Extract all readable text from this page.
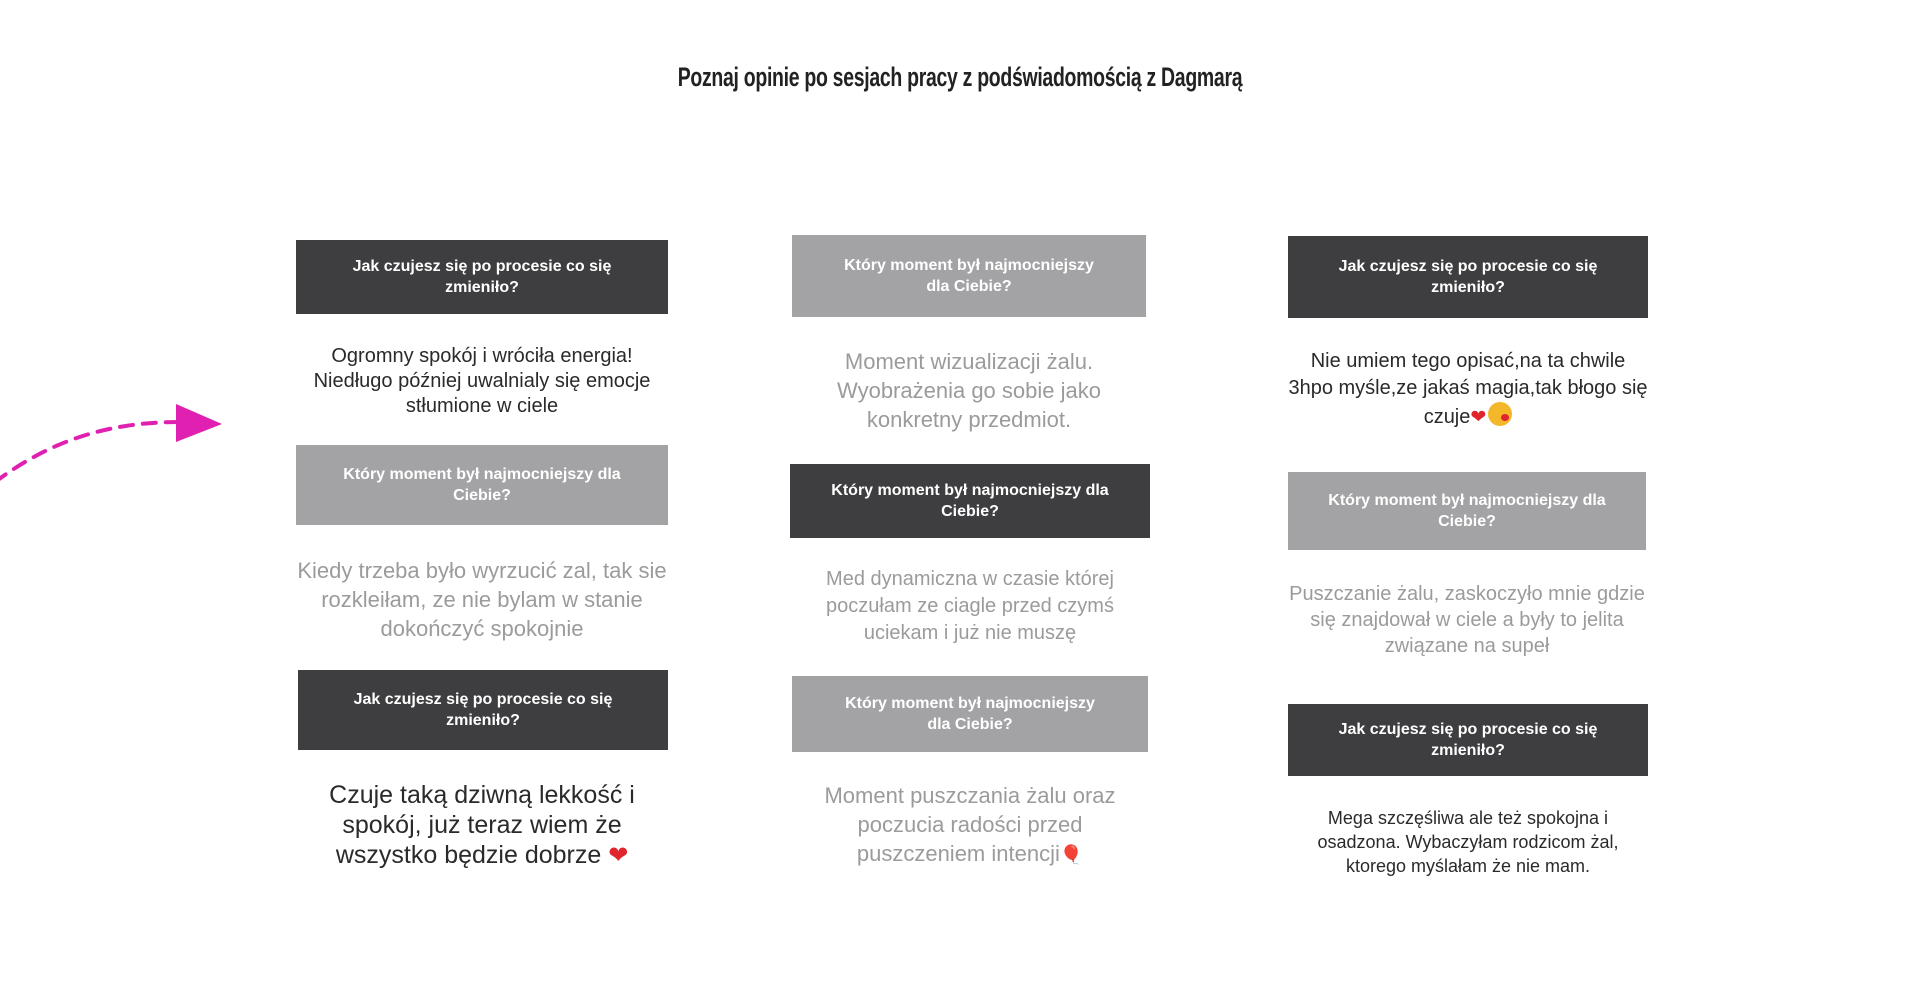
Poznaj opinie po sesjach pracy z podświadomością z Dagmarą
Jak czujesz się po procesie co się zmieniło?
Ogromny spokój i wróciła energia! Niedługo później uwalnialy się emocje stłumione w ciele
Który moment był najmocniejszy dla Ciebie?
Kiedy trzeba było wyrzucić zal, tak sie rozkleiłam, ze nie bylam w stanie dokończyć spokojnie
Jak czujesz się po procesie co się zmieniło?
Czuje taką dziwną lekkość i spokój, już teraz wiem że wszystko będzie dobrze ❤
Który moment był najmocniejszy dla Ciebie?
Moment wizualizacji żalu. Wyobrażenia go sobie jako konkretny przedmiot.
Który moment był najmocniejszy dla Ciebie?
Med dynamiczna w czasie której poczułam ze ciagle przed czymś uciekam i już nie muszę
Który moment był najmocniejszy dla Ciebie?
Moment puszczania żalu oraz poczucia radości przed puszczeniem intencji🎈
Jak czujesz się po procesie co się zmieniło?
Nie umiem tego opisać,na ta chwile 3hpo myśle,ze jakaś magia,tak błogo się czuje❤
Który moment był najmocniejszy dla Ciebie?
Puszczanie żalu, zaskoczyło mnie gdzie się znajdował w ciele a były to jelita związane na supeł
Jak czujesz się po procesie co się zmieniło?
Mega szczęśliwa ale też spokojna i osadzona. Wybaczyłam rodzicom żal, ktorego myślałam że nie mam.
